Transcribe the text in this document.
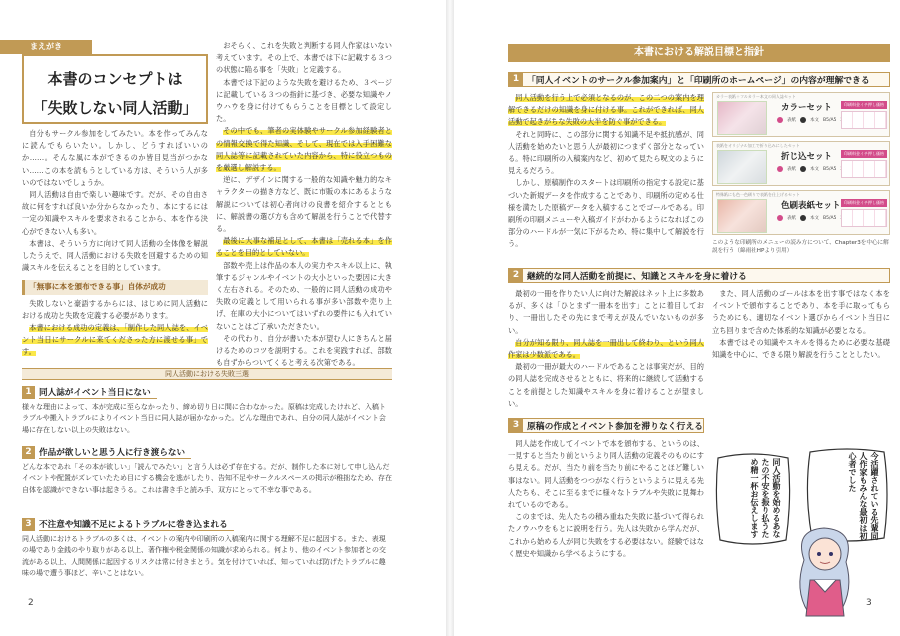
まえがき
本書のコンセプトは
「失敗しない同人活動」

自分もサークル参加をしてみたい。本を作ってみんなに読んでもらいたい。しかし、どうすればいいのか……。そんな風に本ができるのか皆目見当がつかない……この本を読もうとしている方は、そういう人が多いのではないでしょうか。

同人活動は自由で楽しい趣味です。だが、その自由さ故に何をすれば良いか分からなかったり、本にするには一定の知識やスキルを要求されることから、本を作る決心ができない人も多い。

本書は、そういう方に向けて同人活動の全体像を解説したうえで、同人活動における失敗を回避するための知識スキルを伝えることを目的としています。

「無事に本を頒布できる事」自体が成功

失敗しないと豪語するからには、はじめに同人活動における成功と失敗を定義する必要があります。

本書における成功の定義は、「制作した同人誌を、イベント当日にサークルに来てくださった方に渡せる事」です。

おそらく、これを失敗と判断する同人作家はいない考えています。その上で、本書では下に記載する３つの状態に陥る事を「失敗」と定義する。

本書では下記のような失敗を避けるため、３ページに記載している３つの指針に基づき、必要な知識やノウハウを身に付けてもらうことを目標として設定した。

その中でも、筆者の実体験やサークル参加経験者との情報交換で得た知識、そして、現在では入手困難な同人誌等に記載されていた内容から、特に役立つものを厳選し解説する。

逆に、デザインに関する一般的な知識や魅力的なキャラクターの描き方など、既に市販の本にあるような解説については初心者向けの良書を紹介するとともに、解説書の選び方も含めて解説を行うことで代替する。

最後に大事な補足として、本書は「売れる本」を作ることを目的としていない。

部数や売上は作品の本人の実力やスキル以上に、執筆するジャンルやイベントの大小といった要因に大きく左右される。そのため、一般的に同人活動の成功や失敗の定義として用いられる事が多い部数や売り上げ、在庫の大小についてはいずれの要件にも入れていないことはご了承いただきたい。

その代わり、自分が書いた本が望む人にきちんと届けるためのコツを説明する。これを実践すれば、部数も自ずからついてくると考える次第である。

同人活動における失敗三選
1 同人誌がイベント当日にない
様々な理由によって、本が完成に至らなかったり、締め切り日に間に合わなかった。原稿は完成したけれど、入稿トラブルや搬入トラブルによりイベント当日に同人誌が届かなかった。どんな理由であれ、自分の同人誌がイベント会場に存在しない以上の失敗はない。
2 作品が欲しいと思う人に行き渡らない
どんな本であれ「その本が欲しい」「読んでみたい」と言う人は必ず存在する。だが、制作した本に対して申し込んだイベントや配置がズレていたため目にする機会を逃がしたり、告知不足やサークルスペースの掲示が稚拙なため、存在自体を認識ができない事は起きうる。これは書き手と読み手、双方にとって不幸な事である。
3 不注意や知識不足によるトラブルに巻き込まれる
同人活動におけるトラブルの多くは、イベントの案内や印刷所の入稿案内に関する理解不足に起因する。また、表現の場であり金銭のやり取りがある以上、著作権や税金関係の知識が求められる。何より、他のイベント参加者との交流がある以上、人間関係に起因するリスクは常に付きまとう。気を付けていれば、知っていれば防げたトラブルに趣味の場で遭う事ほど、辛いことはない。
2
本書における解説目標と指針
1 「同人イベントのサークル参加案内」と「印刷所のホームページ」の内容が理解できる

同人活動を行う上で必須となるのが、この二つの案内を理解できるだけの知識を身に付ける事。これができれば、同人活動で起きがちな失敗の大半を防ぐ事ができる。

それと同時に、この部分に関する知識不足や抵抗感が、同人活動を始めたいと思う人が最初につまずく部分となっている。特に印刷所の入稿案内など、初めて見たら呪文のように見えるだろう。

しかし、原稿制作のスタートは印刷所の指定する設定に基づいた新規データを作成することであり、印刷所の定める仕様を満たした原稿データを入稿することでゴールである。印刷所の印刷メニューや入稿ガイドがわかるようになればこの部分のハードルが一気に下がるため、特に集中して解説を行う。

カラー表紙＋フルカラー本文の同人誌セット
カラーセット
表紙	本文 B5/A5
印刷料金イチ押し価格
表紙をオリジナル加工で折り込みにしたセット
折じ込セット
表紙	本文 B5/A5
印刷料金イチ押し価格
特殊紙にも色一色刷りで表紙を仕上げるセット
色刷表紙セット
表紙	本文 B5/A5
印刷料金イチ押し価格
このような印刷所のメニューの読み方について、Chapter3を中心に解説を行う（綿雨社HPより引用）
2 継続的な同人活動を前提に、知識とスキルを身に着ける

最初の一冊を作りたい人に向けた解説はネット上に多数あるが、多くは「ひとまず一冊本を出す」ことに着目しており、一冊出したその先にまで考えが及んでいないものが多い。

自分が知る限り、同人誌を一冊出して終わり、という同人作家は少数派である。

最初の一冊が最大のハードルであることは事実だが、目的の同人誌を完成させるとともに、将来的に継続して活動することを前提とした知識やスキルを身に着けることが望ましい。

また、同人活動のゴールは本を出す事ではなく本をイベントで頒布することであり、本を手に取ってもらうためにも、適切なイベント選びからイベント当日に立ち回りまで含めた体系的な知識が必要となる。

本書ではその知識やスキルを得るために必要な基礎知識を中心に、できる限り解説を行うこととしたい。

3 原稿の作成とイベント参加を滞りなく行える

同人誌を作成してイベントで本を頒布する、というのは、一見すると当たり前というより同人活動の定義そのものにすら見える。だが、当たり前を当たり前にやることほど難しい事はない。同人活動をつつがなく行うというように見える先人たちも、そこに至るまでに様々なトラブルや失敗に見舞われているのである。

このまでは、先人たちの積み重ねた失敗に基づいて得られたノウハウをもとに説明を行う。先人は失敗から学んだが、これから始める人が同じ失敗をする必要はない。経験ではなく歴史や知識から学べるようにする。

同人活動を始めるあなたの不安を振り払うため精一杯お伝えします	今活躍されている先輩同人作家もみんな最初は初心者でした
3
